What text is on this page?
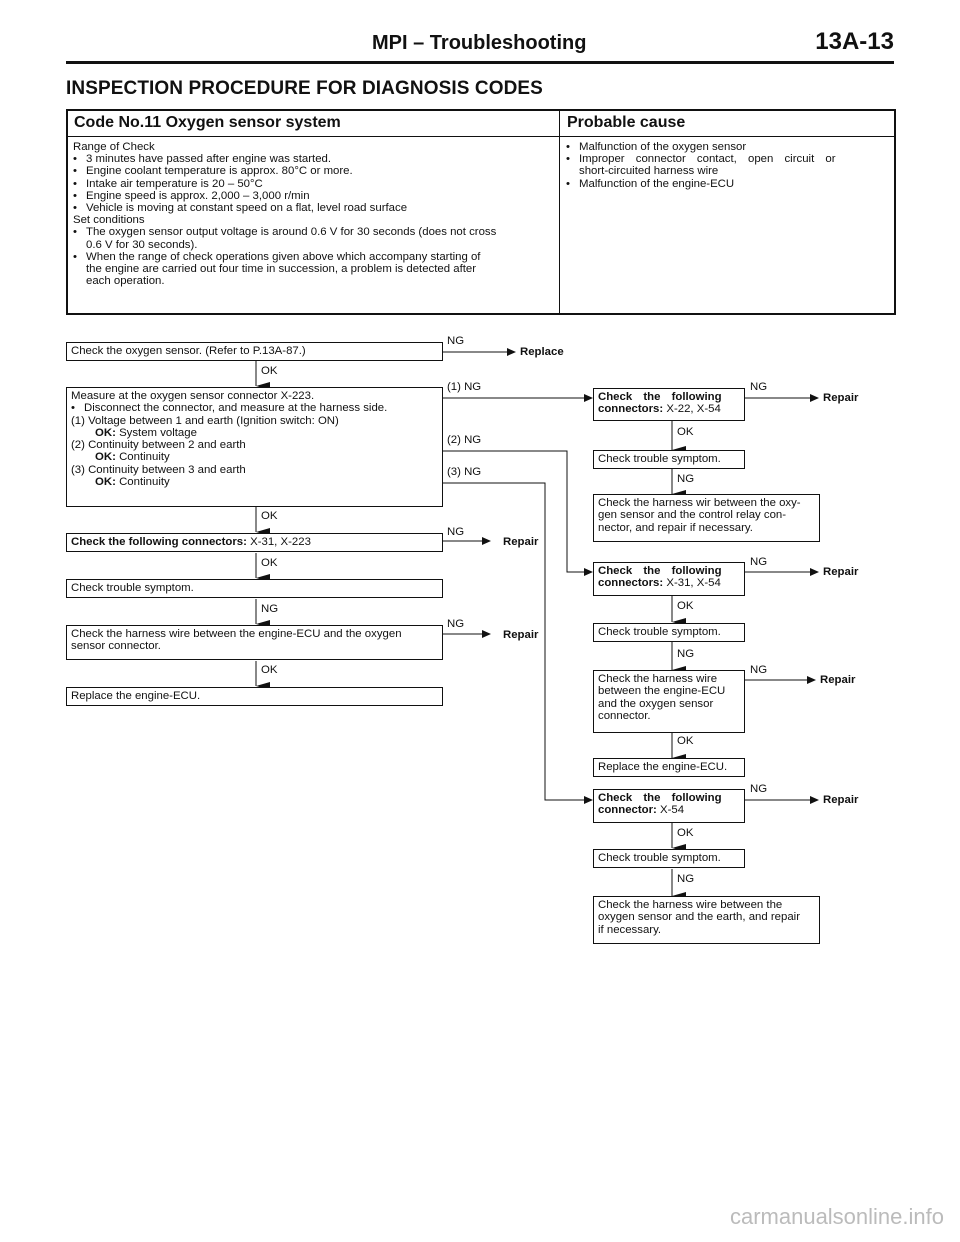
MPI – Troubleshooting	13A-13
INSPECTION PROCEDURE FOR DIAGNOSIS CODES
Code No.11 Oxygen sensor system	Probable cause
Range of Check
• 3 minutes have passed after engine was started.
• Engine coolant temperature is approx. 80°C or more.
• Intake air temperature is 20 – 50°C
• Engine speed is approx. 2,000 – 3,000 r/min
• Vehicle is moving at constant speed on a flat, level road surface
Set conditions
• The oxygen sensor output voltage is around 0.6 V for 30 seconds (does not cross
0.6 V for 30 seconds).
• When the range of check operations given above which accompany starting of
the engine are carried out four time in succession, a problem is detected after
each operation.
• Malfunction of the oxygen sensor
• Improper connector contact, open circuit or
short-circuited harness wire
• Malfunction of the engine-ECU
Check the oxygen sensor. (Refer to P.13A-87.)
Measure at the oxygen sensor connector X-223.
• Disconnect the connector, and measure at the harness side.
(1) Voltage between 1 and earth (Ignition switch: ON)
OK: System voltage
(2) Continuity between 2 and earth
OK: Continuity
(3) Continuity between 3 and earth
OK: Continuity
Check the following connectors: X-31, X-223
Check trouble symptom.
Check the harness wire between the engine-ECU and the oxygen
sensor connector.
Replace the engine-ECU.
Check the following
connectors: X-22, X-54
Check trouble symptom.
Check the harness wir between the oxy-
gen sensor and the control relay con-
nector, and repair if necessary.
Check the following
connectors: X-31, X-54
Check trouble symptom.
Check the harness wire
between the engine-ECU
and the oxygen sensor
connector.
Replace the engine-ECU.
Check the following
connector: X-54
Check trouble symptom.
Check the harness wire between the
oxygen sensor and the earth, and repair
if necessary.
NG
Replace
OK
(1) NG
(2) NG
(3) NG
OK
NG
Repair
OK
NG
NG
Repair
OK
NG
Repair
OK
NG
NG
Repair
OK
NG
NG
Repair
OK
NG
Repair
OK
NG
carmanualsonline.info
